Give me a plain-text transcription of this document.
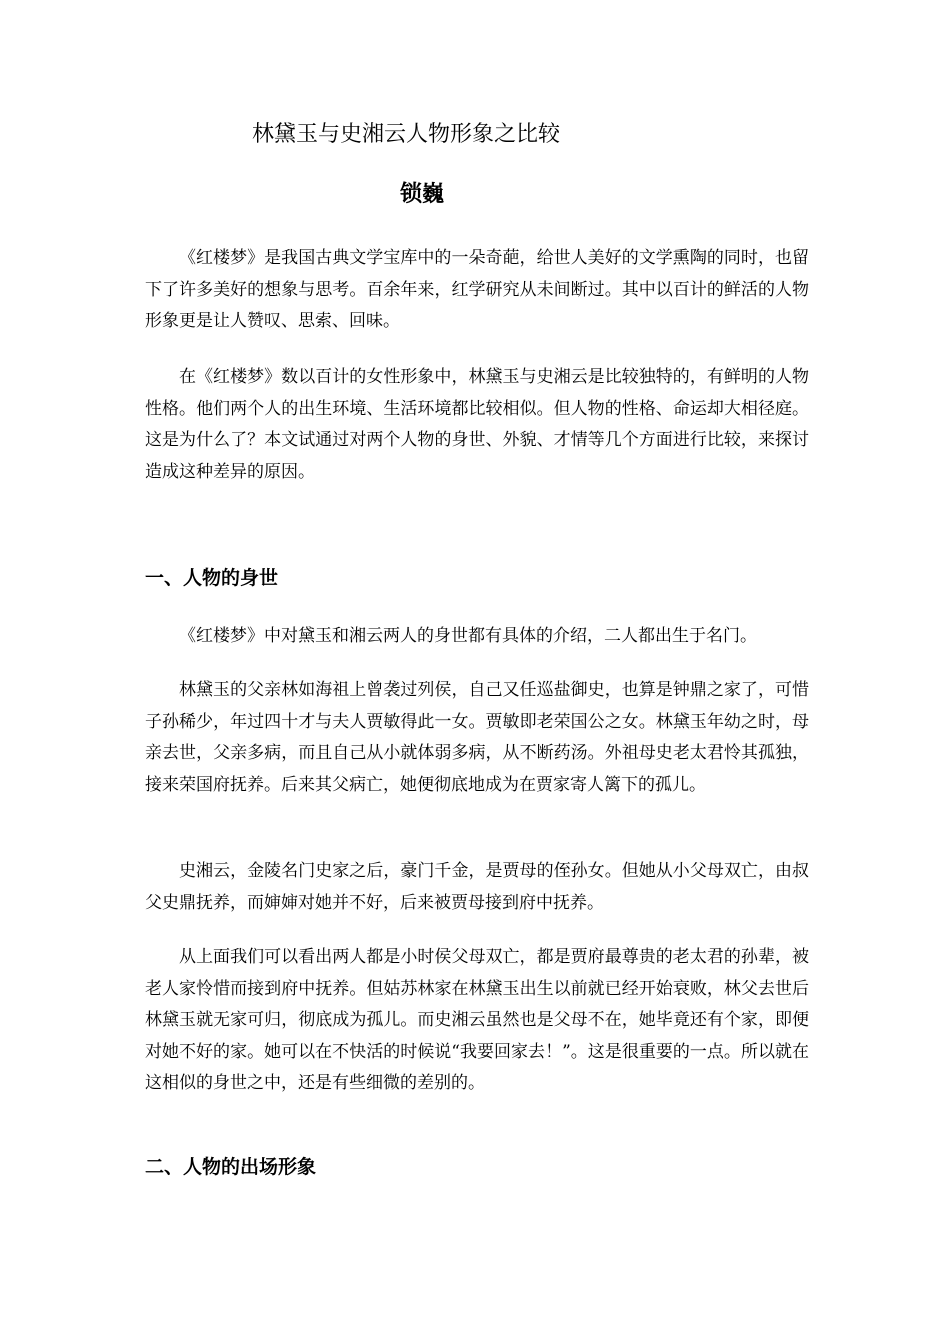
林黛玉与史湘云人物形象之比较
锁巍

《红楼梦》是我国古典文学宝库中的一朵奇葩，给世人美好的文学熏陶的同时，也留下了许多美好的想象与思考。百余年来，红学研究从未间断过。其中以百计的鲜活的人物形象更是让人赞叹、思索、回味。

在《红楼梦》数以百计的女性形象中，林黛玉与史湘云是比较独特的，有鲜明的人物性格。他们两个人的出生环境、生活环境都比较相似。但人物的性格、命运却大相径庭。这是为什么了？本文试通过对两个人物的身世、外貌、才情等几个方面进行比较，来探讨造成这种差异的原因。

一、人物的身世

《红楼梦》中对黛玉和湘云两人的身世都有具体的介绍，二人都出生于名门。

林黛玉的父亲林如海祖上曾袭过列侯，自己又任巡盐御史，也算是钟鼎之家了，可惜子孙稀少，年过四十才与夫人贾敏得此一女。贾敏即老荣国公之女。林黛玉年幼之时，母亲去世，父亲多病，而且自己从小就体弱多病，从不断药汤。外祖母史老太君怜其孤独，接来荣国府抚养。后来其父病亡，她便彻底地成为在贾家寄人篱下的孤儿。

史湘云，金陵名门史家之后，豪门千金，是贾母的侄孙女。但她从小父母双亡，由叔父史鼎抚养，而婶婶对她并不好，后来被贾母接到府中抚养。

从上面我们可以看出两人都是小时侯父母双亡，都是贾府最尊贵的老太君的孙辈，被老人家怜惜而接到府中抚养。但姑苏林家在林黛玉出生以前就已经开始衰败，林父去世后林黛玉就无家可归，彻底成为孤儿。而史湘云虽然也是父母不在，她毕竟还有个家，即便对她不好的家。她可以在不快活的时候说“我要回家去！”。这是很重要的一点。所以就在这相似的身世之中，还是有些细微的差别的。

二、人物的出场形象
